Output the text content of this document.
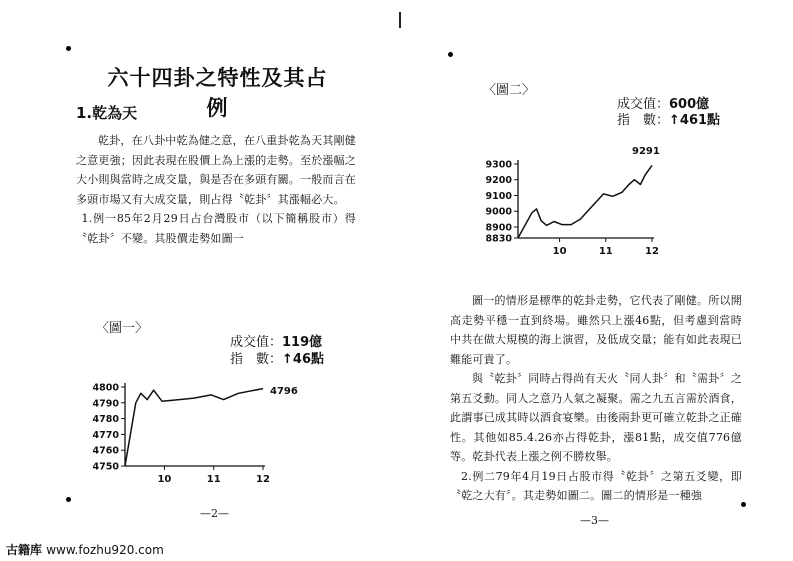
六十四卦之特性及其占例
1.乾為天

乾卦，在八卦中乾為健之意，在八重卦乾為天其剛健之意更強；因此表現在股價上為上漲的走勢。至於漲幅之大小則與當時之成交量，與是否在多頭有關。一般而言在多頭市場又有大成交量，則占得〝乾卦〞其漲幅必大。

1.例一85年2月29日占台灣股市（以下簡稱股市）得〝乾卦〞不變。其股價走勢如圖一

〈圖一〉
成交值：119億
指　數：↑46點
4750
4760
4770
4780
4790
4800
10	11	12
4796
—2—
〈圖二〉
成交值：600億
指　數：↑461點
8830
8900
9000
9100
9200
9300
10	11	12
9291

圖一的情形是標準的乾卦走勢，它代表了剛健。所以開高走勢平穩一直到終場。雖然只上漲46點，但考慮到當時中共在做大規模的海上演習，及低成交量；能有如此表現已難能可貴了。

與〝乾卦〞同時占得尚有天火〝同人卦〞和〝需卦〞之第五爻動。同人之意乃人氣之凝聚。需之九五言需於酒食，此謂事已成其時以酒食宴樂。由後兩卦更可確立乾卦之正確性。其他如85.4.26亦占得乾卦，漲81點，成交值776億等。乾卦代表上漲之例不勝枚舉。

2.例二79年4月19日占股市得〝乾卦〞之第五爻變，即〝乾之大有〞。其走勢如圖二。圖二的情形是一種強

—3—
古籍库 www.fozhu920.com
